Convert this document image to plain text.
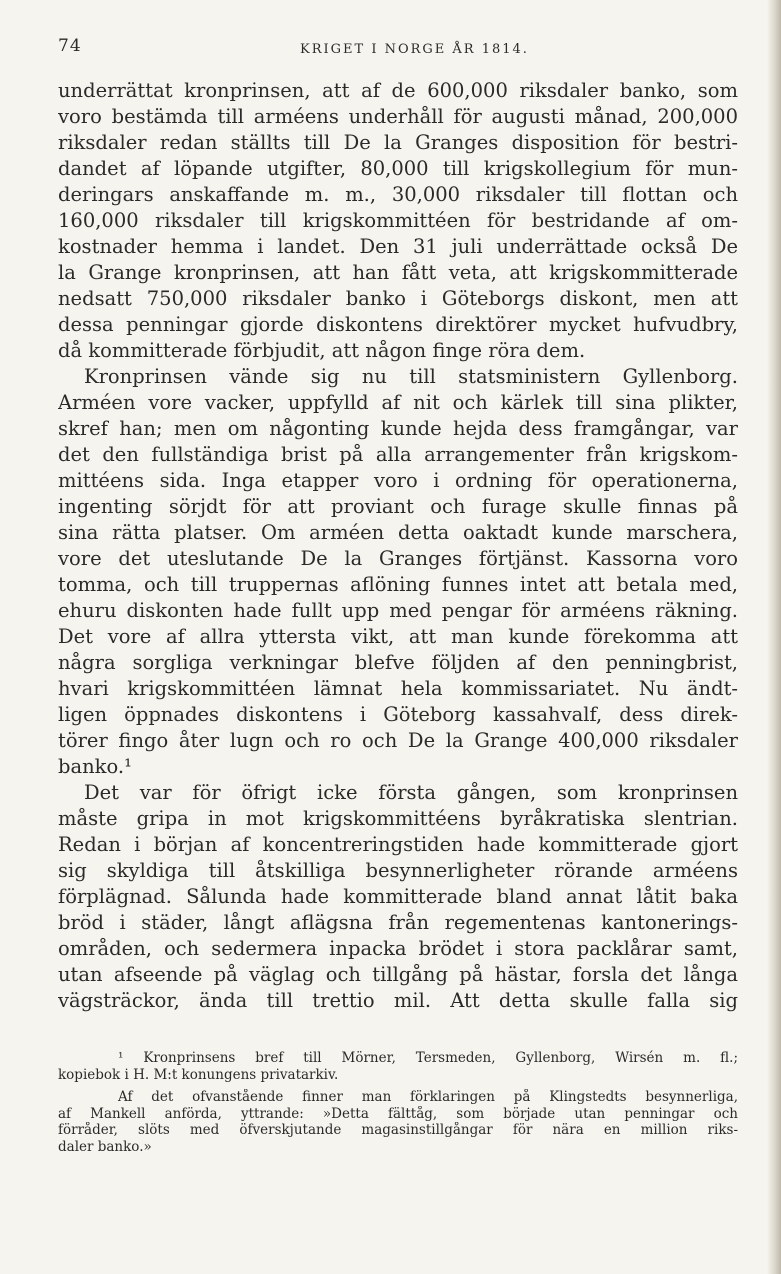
74	KRIGET I NORGE ÅR 1814.
underrättat kronprinsen, att af de 600,000 riksdaler banko, som
voro bestämda till arméens underhåll för augusti månad, 200,000
riksdaler redan ställts till De la Granges disposition för bestri-
dandet af löpande utgifter, 80,000 till krigskollegium för mun-
deringars anskaffande m. m., 30,000 riksdaler till flottan och
160,000 riksdaler till krigskommittéen för bestridande af om-
kostnader hemma i landet. Den 31 juli underrättade också De
la Grange kronprinsen, att han fått veta, att krigskommitterade
nedsatt 750,000 riksdaler banko i Göteborgs diskont, men att
dessa penningar gjorde diskontens direktörer mycket hufvudbry,
då kommitterade förbjudit, att någon finge röra dem.
Kronprinsen vände sig nu till statsministern Gyllenborg.
Arméen vore vacker, uppfylld af nit och kärlek till sina plikter,
skref han; men om någonting kunde hejda dess framgångar, var
det den fullständiga brist på alla arrangementer från krigskom-
mittéens sida. Inga etapper voro i ordning för operationerna,
ingenting sörjdt för att proviant och furage skulle finnas på
sina rätta platser. Om arméen detta oaktadt kunde marschera,
vore det uteslutande De la Granges förtjänst. Kassorna voro
tomma, och till truppernas aflöning funnes intet att betala med,
ehuru diskonten hade fullt upp med pengar för arméens räkning.
Det vore af allra yttersta vikt, att man kunde förekomma att
några sorgliga verkningar blefve följden af den penningbrist,
hvari krigskommittéen lämnat hela kommissariatet. Nu ändt-
ligen öppnades diskontens i Göteborg kassahvalf, dess direk-
törer fingo åter lugn och ro och De la Grange 400,000 riksdaler
banko.¹
Det var för öfrigt icke första gången, som kronprinsen
måste gripa in mot krigskommittéens byråkratiska slentrian.
Redan i början af koncentreringstiden hade kommitterade gjort
sig skyldiga till åtskilliga besynnerligheter rörande arméens
förplägnad. Sålunda hade kommitterade bland annat låtit baka
bröd i städer, långt aflägsna från regementenas kantonerings-
områden, och sedermera inpacka brödet i stora packlårar samt,
utan afseende på väglag och tillgång på hästar, forsla det långa
vägsträckor, ända till trettio mil. Att detta skulle falla sig
¹ Kronprinsens bref till Mörner, Tersmeden, Gyllenborg, Wirsén m. fl.;
kopiebok i H. M:t konungens privatarkiv.
Af det ofvanstående finner man förklaringen på Klingstedts besynnerliga,
af Mankell anförda, yttrande: »Detta fälttåg, som började utan penningar och
förråder, slöts med öfverskjutande magasinstillgångar för nära en million riks-
daler banko.»
